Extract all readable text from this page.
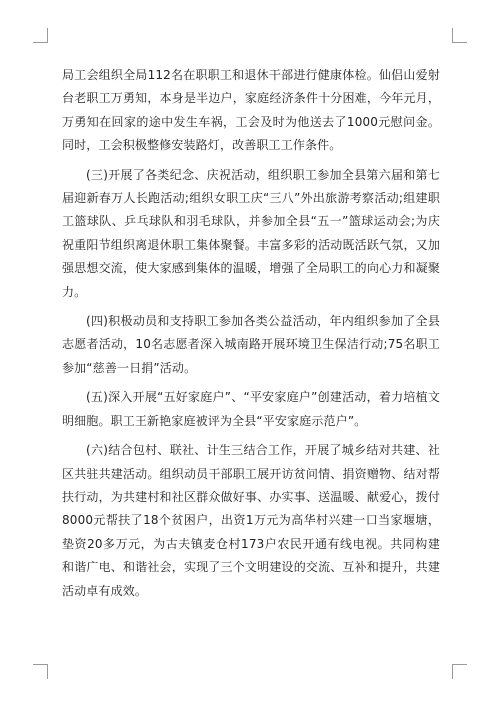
局工会组织全局112名在职职工和退休干部进行健康体检。仙侣山爱射台老职工万勇知，本身是半边户，家庭经济条件十分困难，今年元月，万勇知在回家的途中发生车祸，工会及时为他送去了1000元慰问金。同时，工会积极整修安装路灯，改善职工工作条件。

(三)开展了各类纪念、庆祝活动，组织职工参加全县第六届和第七届迎新春万人长跑活动;组织女职工庆“三八”外出旅游考察活动;组建职工篮球队、乒乓球队和羽毛球队，并参加全县“五一”篮球运动会;为庆祝重阳节组织离退休职工集体聚餐。丰富多彩的活动既活跃气氛，又加强思想交流，使大家感到集体的温暖，增强了全局职工的向心力和凝聚力。

(四)积极动员和支持职工参加各类公益活动，年内组织参加了全县志愿者活动，10名志愿者深入城南路开展环境卫生保洁行动;75名职工参加“慈善一日捐”活动。

(五)深入开展“五好家庭户”、“平安家庭户”创建活动，着力培植文明细胞。职工王新艳家庭被评为全县“平安家庭示范户”。

(六)结合包村、联社、计生三结合工作，开展了城乡结对共建、社区共驻共建活动。组织动员干部职工展开访贫问情、捐资赠物、结对帮扶行动，为共建村和社区群众做好事、办实事、送温暖、献爱心，拨付8000元帮扶了18个贫困户，出资1万元为高华村兴建一口当家堰塘，垫资20多万元，为古夫镇麦仓村173户农民开通有线电视。共同构建和谐广电、和谐社会，实现了三个文明建设的交流、互补和提升，共建活动卓有成效。
